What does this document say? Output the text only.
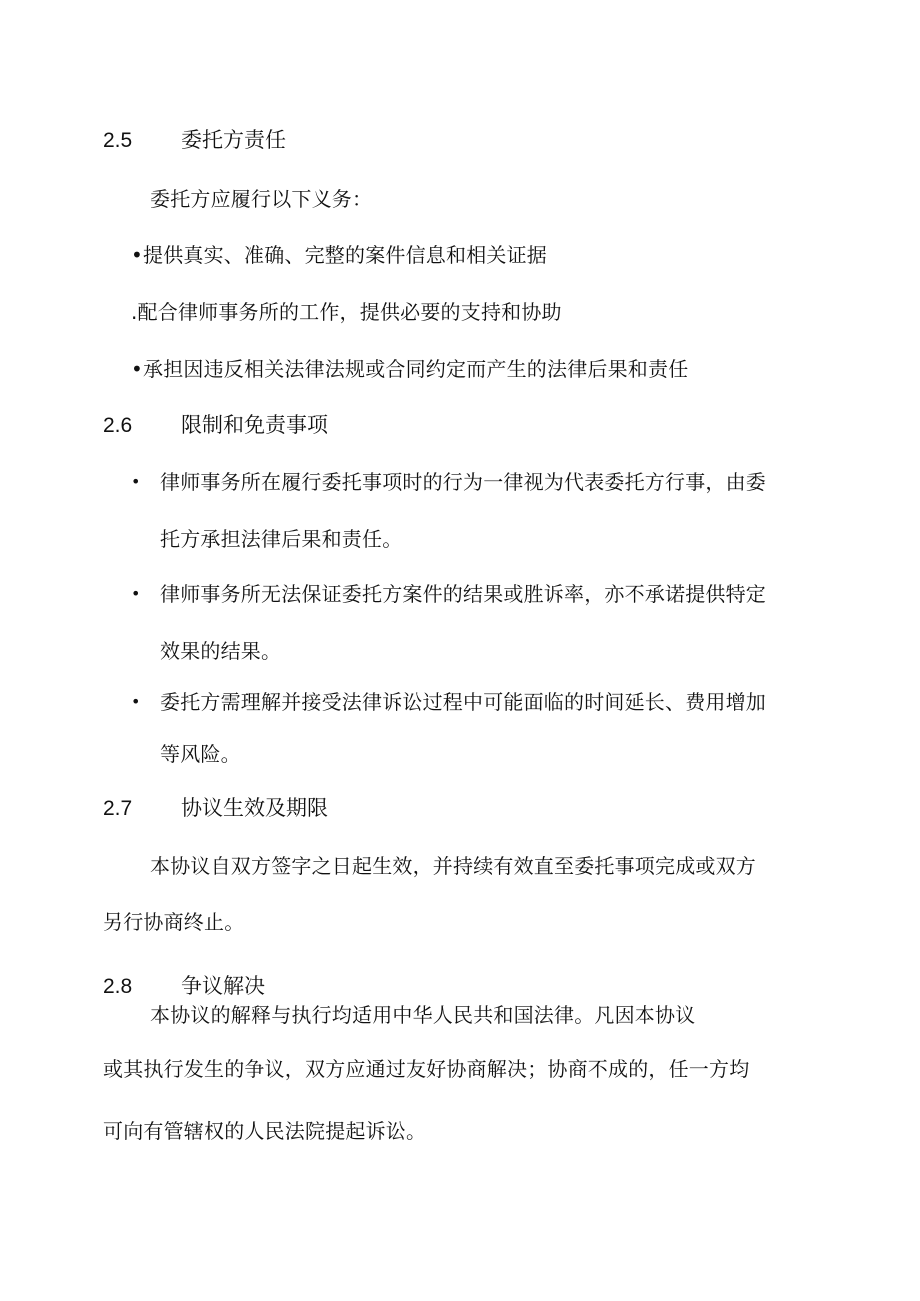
2.5 委托方责任
委托方应履行以下义务：
•提供真实、准确、完整的案件信息和相关证据
.配合律师事务所的工作，提供必要的支持和协助
•承担因违反相关法律法规或合同约定而产生的法律后果和责任
2.6 限制和免责事项
• 律师事务所在履行委托事项时的行为一律视为代表委托方行事，由委
托方承担法律后果和责任。
• 律师事务所无法保证委托方案件的结果或胜诉率，亦不承诺提供特定
效果的结果。
• 委托方需理解并接受法律诉讼过程中可能面临的时间延长、费用增加
等风险。
2.7 协议生效及期限
本协议自双方签字之日起生效，并持续有效直至委托事项完成或双方
另行协商终止。
2.8 争议解决
本协议的解释与执行均适用中华人民共和国法律。凡因本协议
或其执行发生的争议，双方应通过友好协商解决；协商不成的，任一方均
可向有管辖权的人民法院提起诉讼。
